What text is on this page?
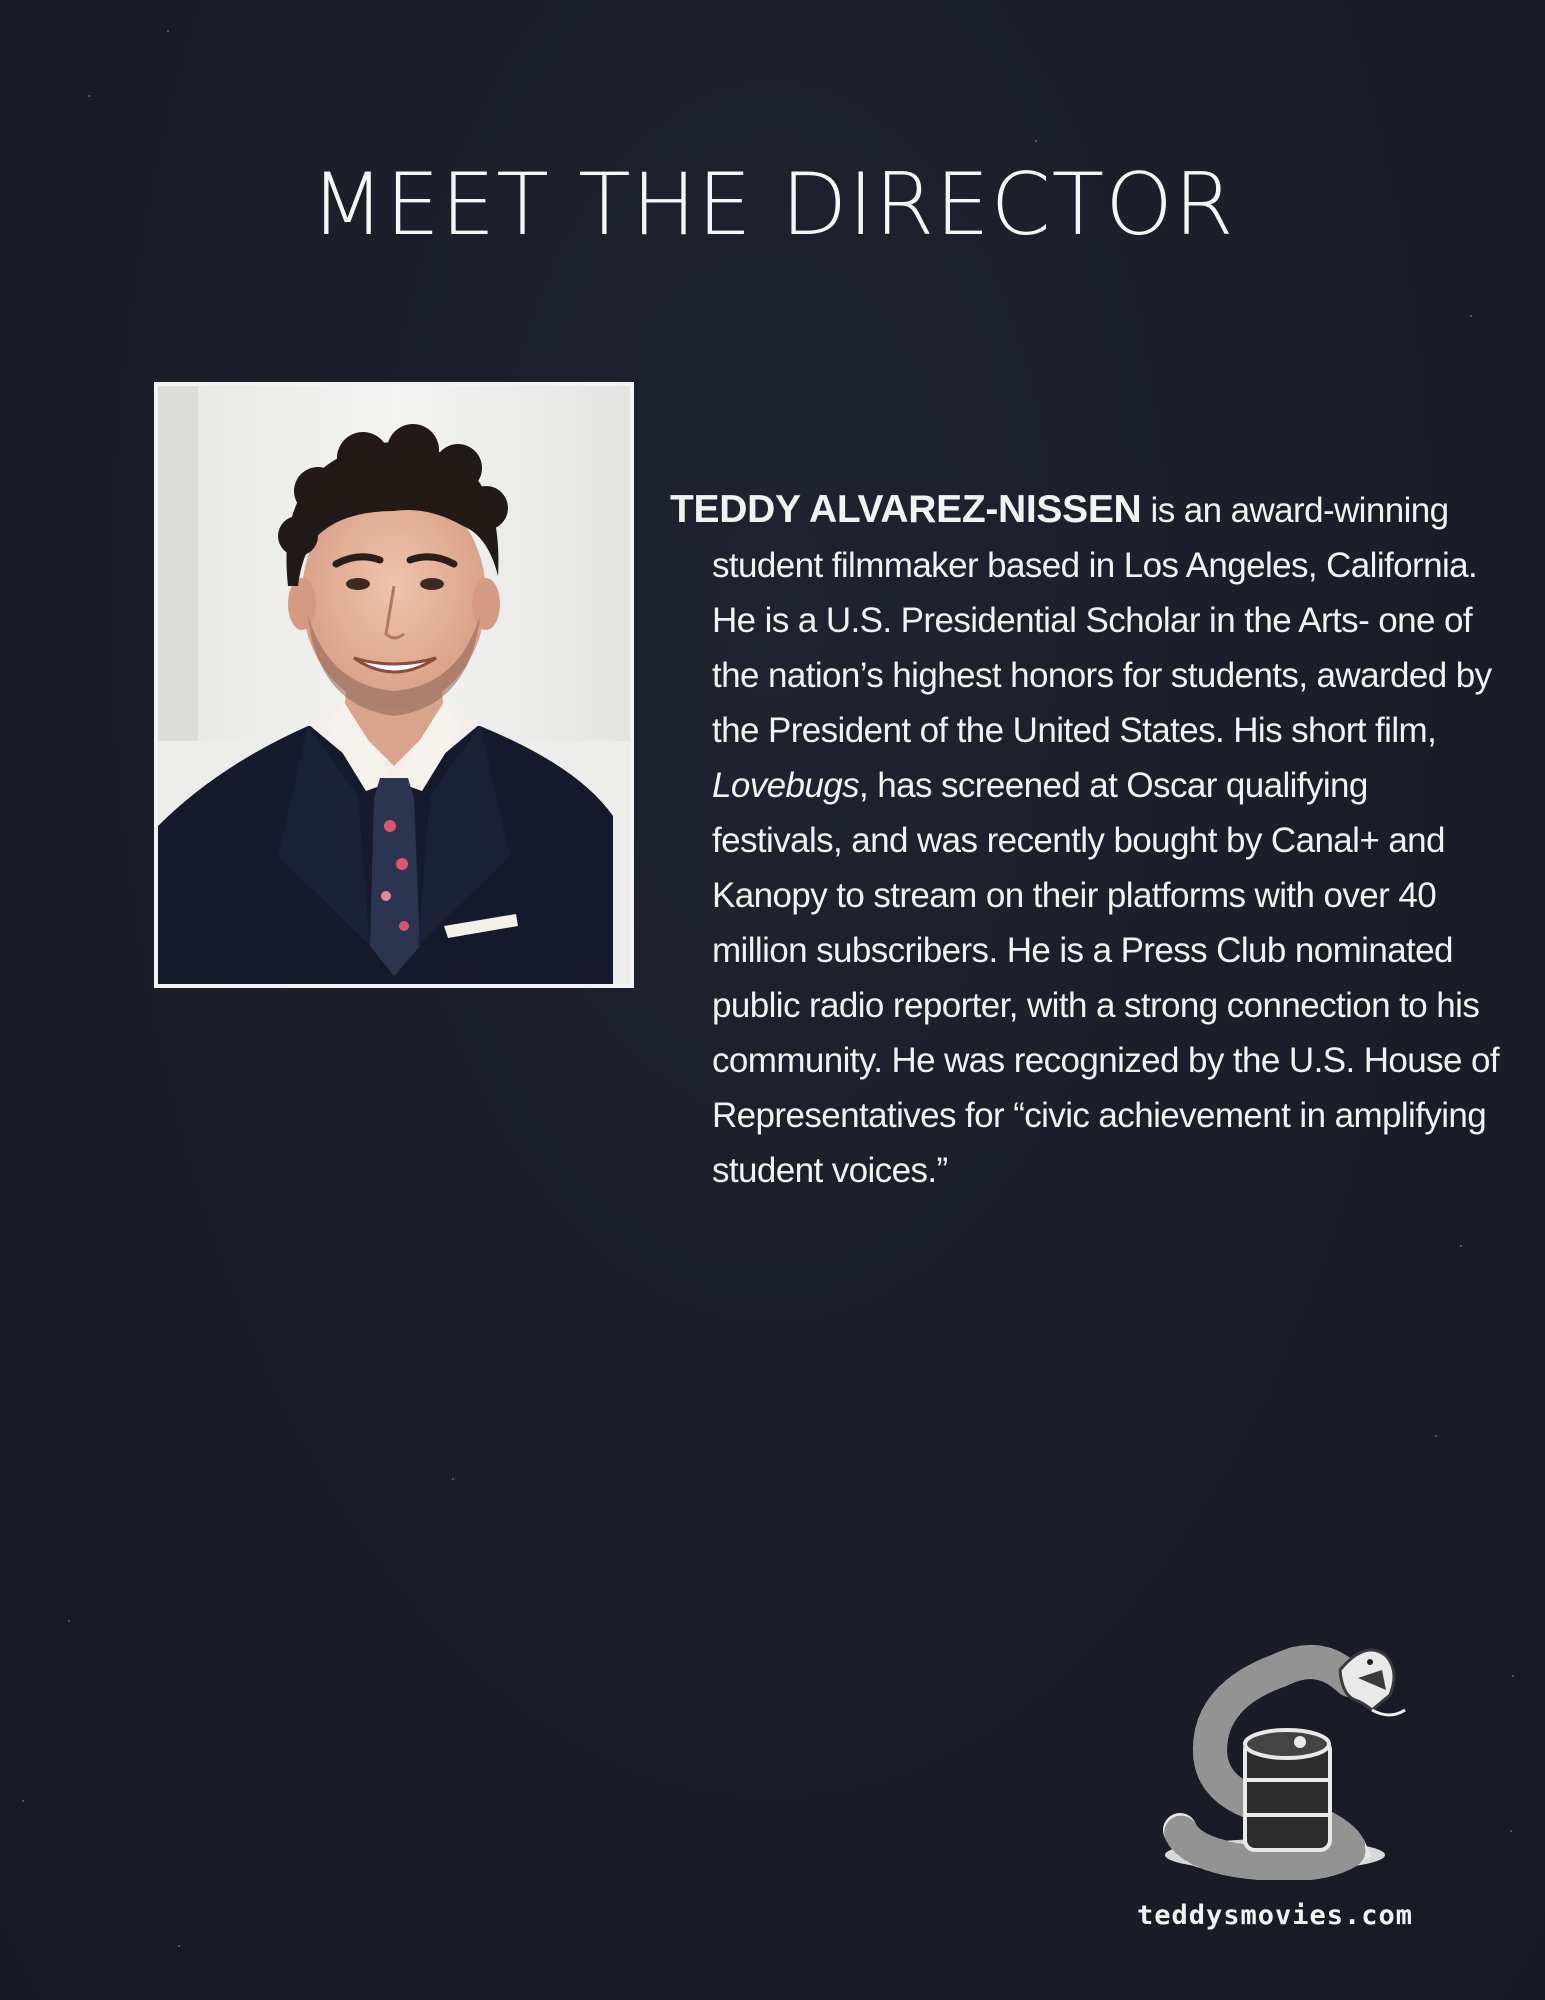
MEET THE DIRECTOR

TEDDY ALVAREZ-NISSEN is an award-winning student filmmaker based in Los Angeles, California. He is a U.S. Presidential Scholar in the Arts- one of the nation’s highest honors for students, awarded by the President of the United States. His short film, Lovebugs, has screened at Oscar qualifying festivals, and was recently bought by Canal+ and Kanopy to stream on their platforms with over 40 million subscribers. He is a Press Club nominated public radio reporter, with a strong connection to his community. He was recognized by the U.S. House of Representatives for “civic achievement in amplifying student voices.”

teddysmovies.com
